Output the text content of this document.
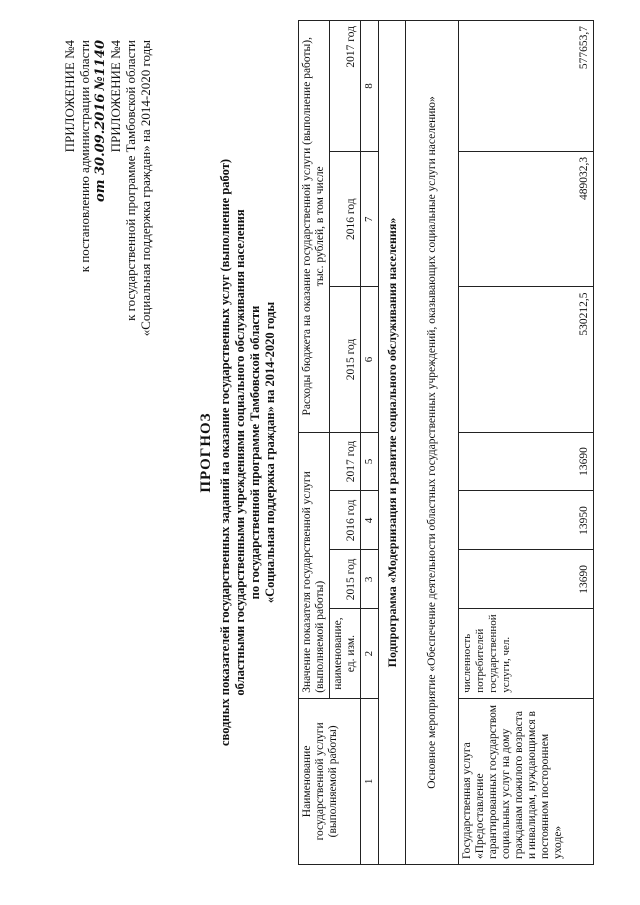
ПРИЛОЖЕНИЕ №4 к постановлению администрации области от 30.09.2016 №1140 ПРИЛОЖЕНИЕ №4 к государственной программе Тамбовской области «Социальная поддержка граждан» на 2014-2020 годы
ПРОГНОЗ сводных показателей государственных заданий на оказание государственных услуг (выполнение работ) областными государственными учреждениями социального обслуживания населения по государственной программе Тамбовской области «Социальная поддержка граждан» на 2014-2020 годы
Наименование государственной услуги (выполняемой работы)	Значение показателя государственной услуги (выполняемой работы)				Расходы бюджета на оказание государственной услуги (выполнение работы), тыс. рублей, в том числе		
	наименование, ед. изм.	2015 год	2016 год	2017 год	2015 год	2016 год	2017 год
1	2	3	4	5	6	7	8
Подпрограмма «Модернизация и развитие социального обслуживания населения»							
Основное мероприятие «Обеспечение деятельности областных государственных учреждений, оказывающих социальные услуги населению»							
Государственная услуга «Предоставление гарантированных государством социальных услуг на дому гражданам пожилого возраста и инвалидам, нуждающимся в постоянном постороннем уходе»	численность потребителей государственной услуги, чел.	13690	13950	13690	530212,5	489032,3	577653,7
